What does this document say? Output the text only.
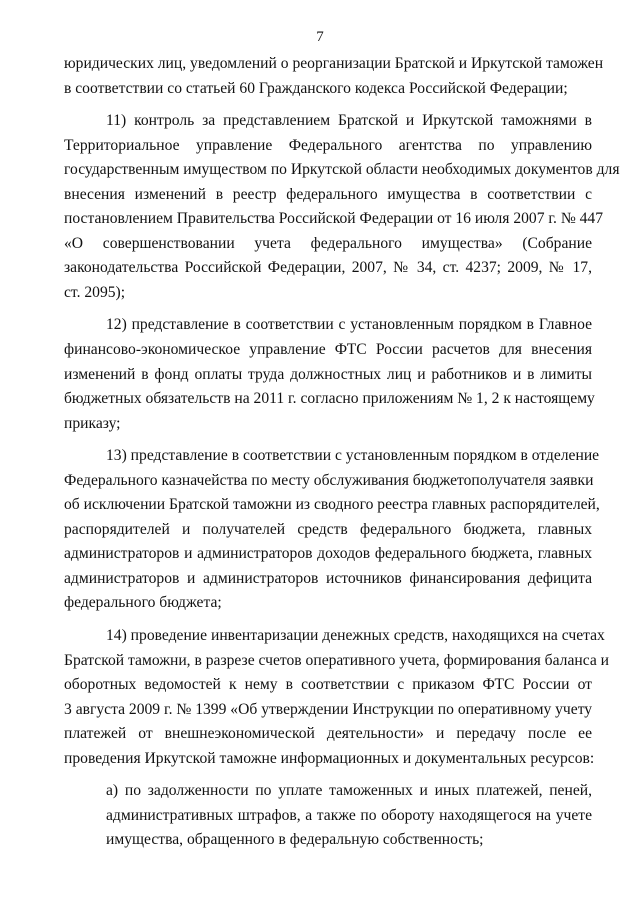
7
юридических лиц, уведомлений о реорганизации Братской и Иркутской таможен
в соответствии со статьей 60 Гражданского кодекса Российской Федерации;
11) контроль за представлением Братской и Иркутской таможнями в
Территориальное управление Федерального агентства по управлению
государственным имуществом по Иркутской области необходимых документов для
внесения изменений в реестр федерального имущества в соответствии с
постановлением Правительства Российской Федерации от 16 июля 2007 г. № 447
«О совершенствовании учета федерального имущества» (Собрание
законодательства Российской Федерации, 2007, № 34, ст. 4237; 2009, № 17,
ст. 2095);
12) представление в соответствии с установленным порядком в Главное
финансово-экономическое управление ФТС России расчетов для внесения
изменений в фонд оплаты труда должностных лиц и работников и в лимиты
бюджетных обязательств на 2011 г. согласно приложениям № 1, 2 к настоящему
приказу;
13) представление в соответствии с установленным порядком в отделение
Федерального казначейства по месту обслуживания бюджетополучателя заявки
об исключении Братской таможни из сводного реестра главных распорядителей,
распорядителей и получателей средств федерального бюджета, главных
администраторов и администраторов доходов федерального бюджета, главных
администраторов и администраторов источников финансирования дефицита
федерального бюджета;
14) проведение инвентаризации денежных средств, находящихся на счетах
Братской таможни, в разрезе счетов оперативного учета, формирования баланса и
оборотных ведомостей к нему в соответствии с приказом ФТС России от
3 августа 2009 г. № 1399 «Об утверждении Инструкции по оперативному учету
платежей от внешнеэкономической деятельности» и передачу после ее
проведения Иркутской таможне информационных и документальных ресурсов:
а) по задолженности по уплате таможенных и иных платежей, пеней,
административных штрафов, а также по обороту находящегося на учете
имущества, обращенного в федеральную собственность;
